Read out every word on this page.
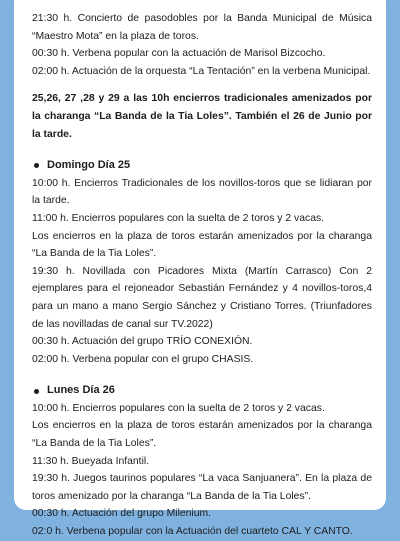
21:30 h. Concierto de pasodobles por la Banda Municipal de Música “Maestro Mota” en la plaza de toros.

00:30 h. Verbena popular con la actuación de Marisol Bizcocho.

02:00 h. Actuación de la orquesta “La Tentación” en la verbena Municipal.

25,26, 27 ,28 y 29 a las 10h encierros tradicionales amenizados por la charanga “La Banda de la Tia Loles”. También el 26 de Junio por la tarde.

Domingo Día 25

10:00 h. Encierros Tradicionales de los novillos-toros que se lidiaran por la tarde.

11:00 h. Encierros populares con la suelta de 2 toros y 2 vacas.

Los encierros en la plaza de toros estarán amenizados por la charanga “La Banda de la Tia Loles”.

19:30 h. Novillada con Picadores Mixta (Martín Carrasco) Con 2 ejemplares para el rejoneador Sebastián Fernández y 4 novillos-toros,4 para un mano a mano Sergio Sánchez y Cristiano Torres. (Triunfadores de las novilladas de canal sur TV.2022)

00:30 h. Actuación del grupo TRÍO CONEXIÓN.

02:00 h. Verbena popular con el grupo CHASIS.

Lunes Día 26

10:00 h. Encierros populares con la suelta de 2 toros y 2 vacas.

Los encierros en la plaza de toros estarán amenizados por la charanga “La Banda de la Tia Loles”.

11:30 h. Bueyada Infantil.

19:30 h. Juegos taurinos populares “La vaca Sanjuanera”. En la plaza de toros amenizado por la charanga “La Banda de la Tia Loles”.

00:30 h. Actuación del grupo Milenium.

02:0 h. Verbena popular con la Actuación del cuarteto CAL Y CANTO.
